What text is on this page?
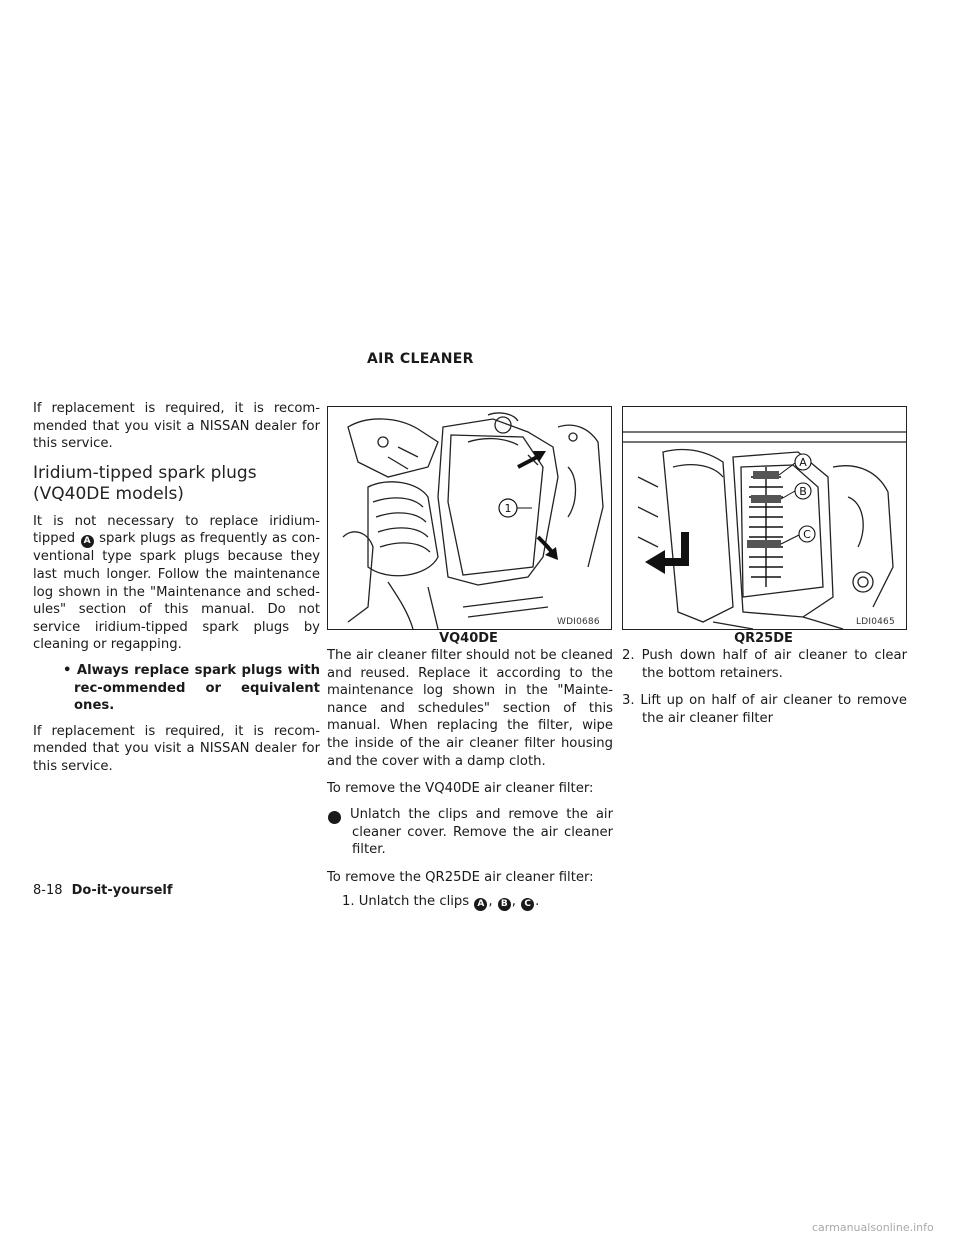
AIR CLEANER

If replacement is required, it is recom-mended that you visit a NISSAN dealer for this service.

Iridium-tipped spark plugs
(VQ40DE models)

It is not necessary to replace iridium-tipped A spark plugs as frequently as con-ventional type spark plugs because they last much longer. Follow the maintenance log shown in the "Maintenance and sched-ules" section of this manual. Do not service iridium-tipped spark plugs by cleaning or regapping.

• Always replace spark plugs with rec-ommended or equivalent ones.

If replacement is required, it is recom-mended that you visit a NISSAN dealer for this service.

1
WDI0686
VQ40DE
A
B
C
LDI0465
QR25DE

The air cleaner filter should not be cleaned and reused. Replace it according to the maintenance log shown in the "Mainte-nance and schedules" section of this manual. When replacing the filter, wipe the inside of the air cleaner filter housing and the cover with a damp cloth.

To remove the VQ40DE air cleaner filter:

1 Unlatch the clips and remove the air cleaner cover. Remove the air cleaner filter.

To remove the QR25DE air cleaner filter:

1. Unlatch the clips A , B , C .
2. Push down half of air cleaner to clear the bottom retainers.
3. Lift up on half of air cleaner to remove the air cleaner filter
8-18 Do-it-yourself
carmanualsonline.info
